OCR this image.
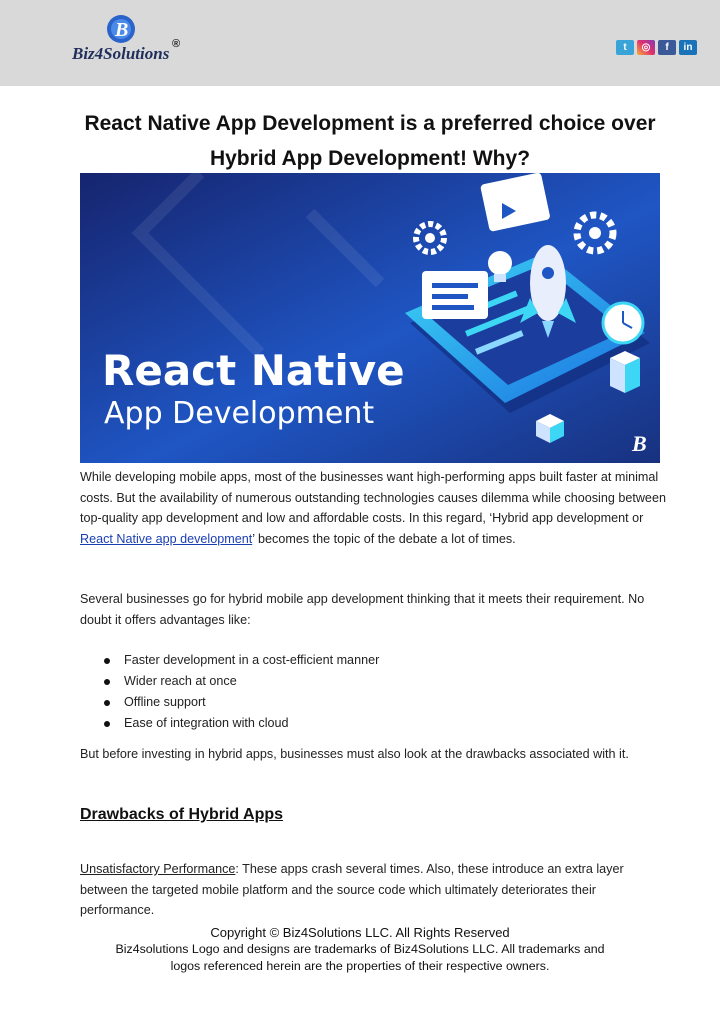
B
Biz4Solutions ®	t	◎	f	in
React Native App Development is a preferred choice over Hybrid App Development! Why?
React Native
App Development
B
While developing mobile apps, most of the businesses want high-performing apps built faster at minimal costs. But the availability of numerous outstanding technologies causes dilemma while choosing between top-quality app development and low and affordable costs. In this regard, ‘Hybrid app development or React Native app development’ becomes the topic of the debate a lot of times.
Several businesses go for hybrid mobile app development thinking that it meets their requirement. No doubt it offers advantages like:
Faster development in a cost-efficient manner
Wider reach at once
Offline support
Ease of integration with cloud
But before investing in hybrid apps, businesses must also look at the drawbacks associated with it.
Drawbacks of Hybrid Apps
Unsatisfactory Performance: These apps crash several times. Also, these introduce an extra layer between the targeted mobile platform and the source code which ultimately deteriorates their performance.
Copyright © Biz4Solutions LLC. All Rights Reserved
Biz4solutions Logo and designs are trademarks of Biz4Solutions LLC. All trademarks and
logos referenced herein are the properties of their respective owners.
